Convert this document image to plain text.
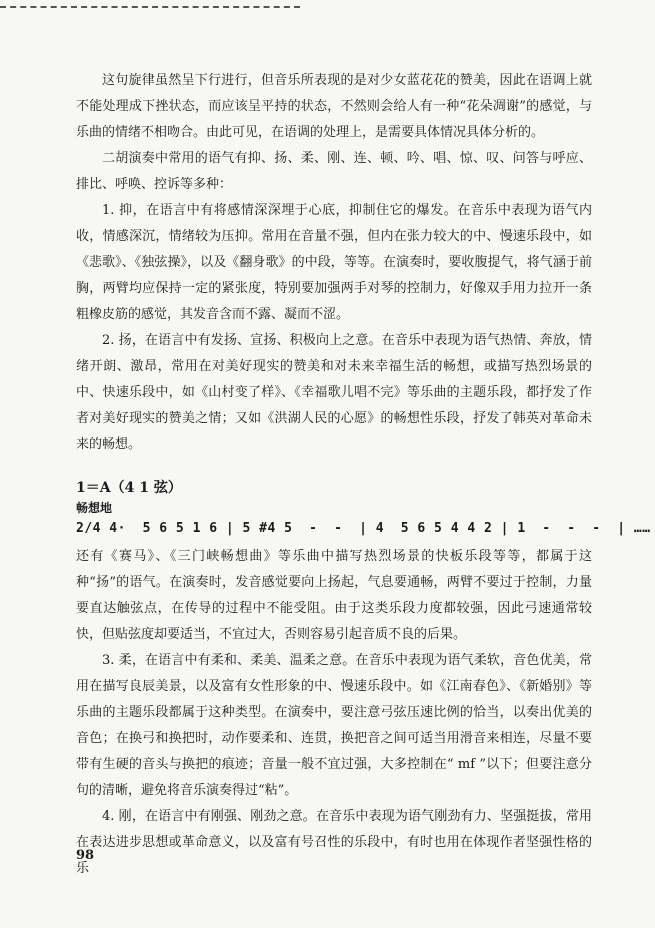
这句旋律虽然呈下行进行，但音乐所表现的是对少女蓝花花的赞美，因此在语调上就不能处理成下挫状态，而应该呈平持的状态，不然则会给人有一种“花朵凋谢”的感觉，与乐曲的情绪不相吻合。由此可见，在语调的处理上，是需要具体情况具体分析的。

二胡演奏中常用的语气有抑、扬、柔、刚、连、顿、吟、唱、惊、叹、问答与呼应、排比、呼唤、控诉等多种：

1. 抑，在语言中有将感情深深埋于心底，抑制住它的爆发。在音乐中表现为语气内收，情感深沉，情绪较为压抑。常用在音量不强，但内在张力较大的中、慢速乐段中，如《悲歌》、《独弦操》，以及《翻身歌》的中段，等等。在演奏时，要收腹提气，将气涵于前胸，两臂均应保持一定的紧张度，特别要加强两手对琴的控制力，好像双手用力拉开一条粗橡皮筋的感觉，其发音含而不露、凝而不涩。

2. 扬，在语言中有发扬、宣扬、积极向上之意。在音乐中表现为语气热情、奔放，情绪开朗、激昂，常用在对美好现实的赞美和对未来幸福生活的畅想，或描写热烈场景的中、快速乐段中，如《山村变了样》、《幸福歌儿唱不完》等乐曲的主题乐段，都抒发了作者对美好现实的赞美之情；又如《洪湖人民的心愿》的畅想性乐段，抒发了韩英对革命未来的畅想。

1＝A（4 1 弦）
畅想地
2/4 4·  5 6 5 1 6 | 5 #4 5  -  -  | 4  5 6 5 4 4 2 | 1  -  -  -  | ……

还有《赛马》、《三门峡畅想曲》等乐曲中描写热烈场景的快板乐段等等，都属于这种“扬”的语气。在演奏时，发音感觉要向上扬起，气息要通畅，两臂不要过于控制，力量要直达触弦点，在传导的过程中不能受阻。由于这类乐段力度都较强，因此弓速通常较快，但贴弦度却要适当，不宜过大，否则容易引起音质不良的后果。

3. 柔，在语言中有柔和、柔美、温柔之意。在音乐中表现为语气柔软，音色优美，常用在描写良辰美景，以及富有女性形象的中、慢速乐段中。如《江南春色》、《新婚别》等乐曲的主题乐段都属于这种类型。在演奏中，要注意弓弦压速比例的恰当，以奏出优美的音色；在换弓和换把时，动作要柔和、连贯，换把音之间可适当用滑音来相连，尽量不要带有生硬的音头与换把的痕迹；音量一般不宜过强，大多控制在“ mf ”以下；但要注意分句的清晰，避免将音乐演奏得过“粘”。

4. 刚，在语言中有刚强、刚劲之意。在音乐中表现为语气刚劲有力、坚强挺拔，常用在表达进步思想或革命意义，以及富有号召性的乐段中，有时也用在体现作者坚强性格的乐

98
